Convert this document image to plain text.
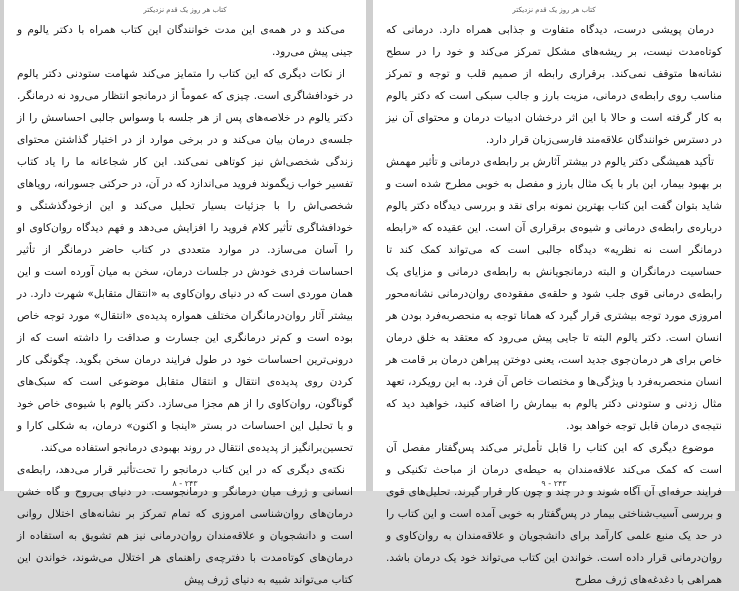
کتاب هر روز یک قدم نزدیکتر

می‌کند و در همه‌ی این مدت خوانندگان این کتاب همراه با دکتر یالوم و جینی پیش می‌رود.

از نکات دیگری که این کتاب را متمایز می‌کند شهامت ستودنی دکتر یالوم در خودافشاگری است. چیزی که عموماً از درمانجو انتظار می‌رود نه درمانگر. دکتر یالوم در خلاصه‌های پس از هر جلسه با وسواس جالبی احساسش را از جلسه‌ی درمان بیان می‌کند و در برخی موارد از در اختیار گذاشتن محتوای زندگی شخصی‌اش نیز کوتاهی نمی‌کند. این کار شجاعانه ما را یاد کتاب تفسیر خواب زیگموند فروید می‌اندازد که در آن، در حرکتی جسورانه، رویاهای شخصی‌اش را با جزئیات بسیار تحلیل می‌کند و این ازخودگذشتگی و خودافشاگری تأثیر کلام فروید را افزایش می‌دهد و فهم دیدگاه روان‌کاوی او را آسان می‌سازد. در موارد متعددی در کتاب حاضر درمانگر از تأثیر احساسات فردی خودش در جلسات درمان، سخن به میان آورده است و این همان موردی است که در دنیای روان‌کاوی به «انتقال متقابل» شهرت دارد. در بیشتر آثار روان‌درمانگران مختلف همواره پدیده‌ی «انتقال» مورد توجه خاص بوده است و کم‌تر درمانگری این جسارت و صداقت را داشته است که از درونی‌ترین احساسات خود در طول فرایند درمان سخن بگوید. چگونگی کار کردن روی پدیده‌ی انتقال و انتقال متقابل موضوعی است که سبک‌های گوناگون، روان‌کاوی را از هم مجزا می‌سازد. دکتر یالوم با شیوه‌ی خاص خود و با تحلیل این احساسات در بستر «اینجا و اکنون» درمان، به شکلی کارا و تحسین‌برانگیز از پدیده‌ی انتقال در روند بهبودی درمانجو استفاده می‌کند.

نکته‌ی دیگری که در این کتاب درمانجو را تحت‌تأثیر قرار می‌دهد، رابطه‌ی انسانی و ژرف میان درمانگر و درمانجوست. در دنیای بی‌روح و گاه خشن درمان‌های روان‌شناسی امروزی که تمام تمرکز بر نشانه‌های اختلال روانی است و دانشجویان و علاقه‌مندان روان‌درمانی نیز هم تشویق به استفاده از درمان‌های کوتاه‌مدت با دفترچه‌ی راهنمای هر اختلال می‌شوند، خواندن این کتاب می‌تواند شبیه به دنیای ژرف پیش

۲۴۳ - ۸
کتاب هر روز یک قدم نزدیکتر

درمان پویشی درست، دیدگاه متفاوت و جذابی همراه دارد. درمانی که کوتاه‌مدت نیست، بر ریشه‌های مشکل تمرکز می‌کند و خود را در سطح نشانه‌ها متوقف نمی‌کند. برقراری رابطه از صمیم قلب و توجه و تمرکز مناسب روی رابطه‌ی درمانی، مزیت بارز و جالب سبکی است که دکتر یالوم به کار گرفته است و حالا با این اثر درخشان ادبیات درمان و محتوای آن نیز در دسترس خوانندگان علاقه‌مند فارسی‌زبان قرار دارد.

تأکید همیشگی دکتر یالوم در بیشتر آثارش بر رابطه‌ی درمانی و تأثیر مهمش بر بهبود بیمار، این بار با یک مثال بارز و مفصل به خوبی مطرح شده است و شاید بتوان گفت این کتاب بهترین نمونه برای نقد و بررسی دیدگاه دکتر یالوم درباره‌ی رابطه‌ی درمانی و شیوه‌ی برقراری آن است. این عقیده که «رابطه درمانگر است نه نظریه» دیدگاه جالبی است که می‌تواند کمک کند تا حساسیت درمانگران و البته درمانجویانش به رابطه‌ی درمانی و مزایای یک رابطه‌ی درمانی قوی جلب شود و حلقه‌ی مفقوده‌ی روان‌درمانی نشانه‌محور امروزی مورد توجه بیشتری قرار گیرد که همانا توجه به منحصربه‌فرد بودن هر انسان است. دکتر یالوم البته تا جایی پیش می‌رود که معتقد به خلق درمان خاص برای هر درمان‌جوی جدید است، یعنی دوختن پیراهن درمان بر قامت هر انسان منحصربه‌فرد با ویژگی‌ها و مختصات خاص آن فرد. به این رویکرد، تعهد مثال زدنی و ستودنی دکتر یالوم به بیمارش را اضافه کنید، خواهید دید که نتیجه‌ی درمان قابل توجه خواهد بود.

موضوع دیگری که این کتاب را قابل تأمل‌تر می‌کند پس‌گفتار مفصل آن است که کمک می‌کند علاقه‌مندان به حیطه‌ی درمان از مباحث تکنیکی و فرایند حرفه‌ای آن آگاه شوند و در چند و چون کار قرار گیرند. تحلیل‌های قوی و بررسی آسیب‌شناختی بیمار در پس‌گفتار به خوبی آمده است و این کتاب را در حد یک منبع علمی کارآمد برای دانشجویان و علاقه‌مندان به روان‌کاوی و روان‌درمانی قرار داده است. خواندن این کتاب می‌تواند خود یک درمان باشد. همراهی با دغدغه‌های ژرف مطرح

۲۴۳ - ۹
